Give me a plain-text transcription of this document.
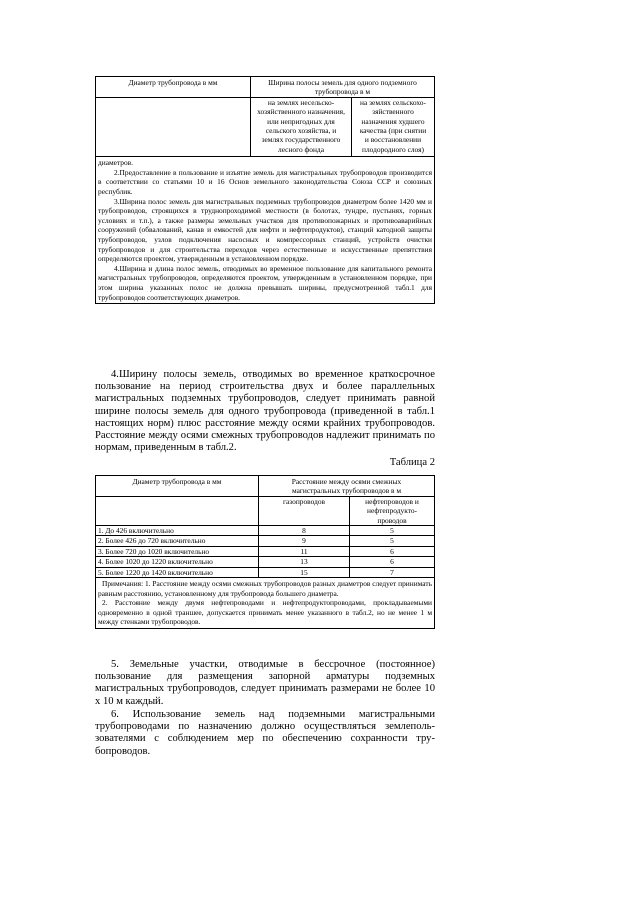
Диаметр трубопровода в мм	Ширина полосы земель для одного подземного трубопровода в м	
	на землях несельско-хозяйственного назначения, или непригодных для сельского хозяйства, и землях государственного лесного фонда	на землях сельскохо-зяйственного назначения худшего качества (при снятии и восстановлении плодородного слоя)

диаметров.
2.Предоставление в пользование и изъятие земель для магистральных трубопроводов производится в соответствии со статьями 10 и 16 Основ земельного законодательства Союза ССР и союзных республик.
3.Ширина полос земель для магистральных подземных трубопроводов диаметром более 1420 мм и трубопроводов, строящихся в труднопроходимой местности (в болотах, тундре, пустынях, горных условиях и т.п.), а также размеры земельных участков для противопожарных и противоаварийных сооружений (обвалований, канав и емкостей для нефти и нефтепродуктов), станций катодной защиты трубопроводов, узлов подключения насосных и компрессорных станций, устройств очистки трубопроводов и для строительства переходов через естественные и искусственные препятствия определяются проектом, утвержденным в установленном порядке.
4.Ширина и длина полос земель, отводимых во временное пользование для капитального ремонта магистральных трубопроводов, определяются проектом, утвержденным в установленном порядке, при этом ширина указанных полос не должна превышать ширины, предусмотренной табл.1 для трубопроводов соответствующих диаметров.		
4.Ширину полосы земель, отводимых во временное краткосрочное пользование на период строительства двух и более параллельных магистральных подземных трубопроводов, следует принимать равной ширине полосы земель для одного трубопровода (приведенной в табл.1 настоящих норм) плюс расстояние между осями крайних трубопроводов. Расстояние между осями смежных трубопроводов надлежит принимать по нормам, приведенным в табл.2.
Таблица 2
Диаметр трубопровода в мм	Расстояние между осями смежных магистральных трубопроводов в м	
	газопроводов	нефтепроводов и нефтепродукто-проводов
1. До 426 включительно	8	5
2. Более 426 до 720 включительно	9	5
3. Более 720 до 1020 включительно	11	6
4. Более 1020 до 1220 включительно	13	6
5. Более 1220 до 1420 включительно	15	7

Примечания: 1. Расстояние между осями смежных трубопроводов разных диаметров следует принимать равным расстоянию, установленному для трубопровода большего диаметра.
2. Расстояние между двумя нефтепроводами и нефтепродуктопроводами, прокладываемыми одновременно в одной траншее, допускается принимать менее указанного в табл.2, но не менее 1 м между стенками трубопроводов.		
5. Земельные участки, отводимые в бессрочное (постоянное) пользование для размещения запорной арматуры подземных магистральных трубопроводов, следует принимать размерами не более 10 х 10 м каждый.
6. Использование земель над подземными магистральными трубопроводами по назначению должно осуществляться землеполь-зователями с соблюдением мер по обеспечению сохранности тру-бопроводов.
